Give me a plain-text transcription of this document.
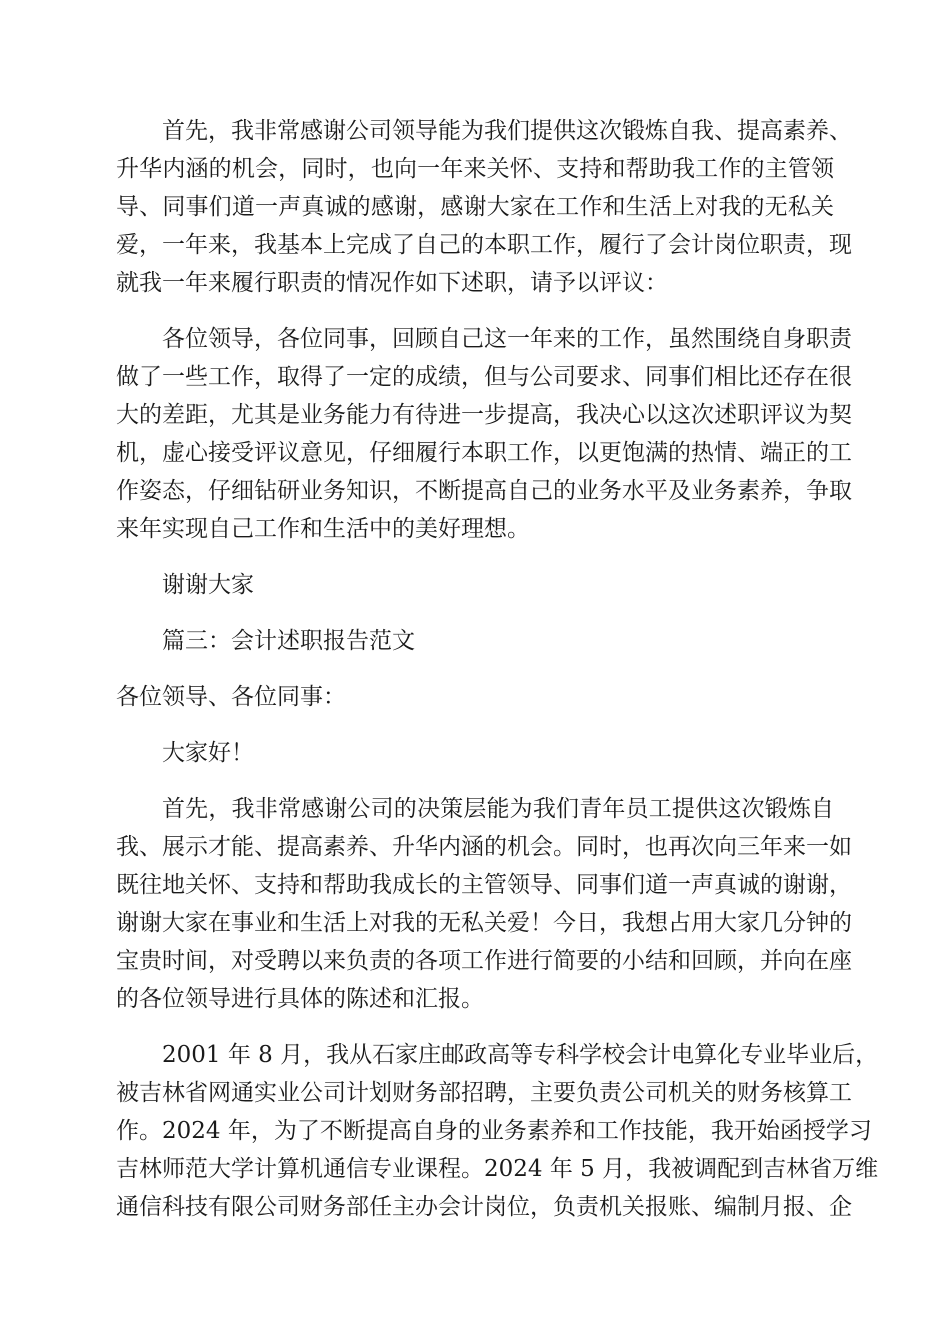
首先，我非常感谢公司领导能为我们提供这次锻炼自我、提高素养、
升华内涵的机会，同时，也向一年来关怀、支持和帮助我工作的主管领
导、同事们道一声真诚的感谢，感谢大家在工作和生活上对我的无私关
爱，一年来，我基本上完成了自己的本职工作，履行了会计岗位职责，现
就我一年来履行职责的情况作如下述职，请予以评议：
各位领导，各位同事，回顾自己这一年来的工作，虽然围绕自身职责
做了一些工作，取得了一定的成绩，但与公司要求、同事们相比还存在很
大的差距，尤其是业务能力有待进一步提高，我决心以这次述职评议为契
机，虚心接受评议意见，仔细履行本职工作，以更饱满的热情、端正的工
作姿态，仔细钻研业务知识，不断提高自己的业务水平及业务素养，争取
来年实现自己工作和生活中的美好理想。
谢谢大家
篇三：会计述职报告范文
各位领导、各位同事：
大家好！
首先，我非常感谢公司的决策层能为我们青年员工提供这次锻炼自
我、展示才能、提高素养、升华内涵的机会。同时，也再次向三年来一如
既往地关怀、支持和帮助我成长的主管领导、同事们道一声真诚的谢谢，
谢谢大家在事业和生活上对我的无私关爱！今日，我想占用大家几分钟的
宝贵时间，对受聘以来负责的各项工作进行简要的小结和回顾，并向在座
的各位领导进行具体的陈述和汇报。
2001 年 8 月，我从石家庄邮政高等专科学校会计电算化专业毕业后，
被吉林省网通实业公司计划财务部招聘，主要负责公司机关的财务核算工
作。2024 年，为了不断提高自身的业务素养和工作技能，我开始函授学习
吉林师范大学计算机通信专业课程。2024 年 5 月，我被调配到吉林省万维
通信科技有限公司财务部任主办会计岗位，负责机关报账、编制月报、企
